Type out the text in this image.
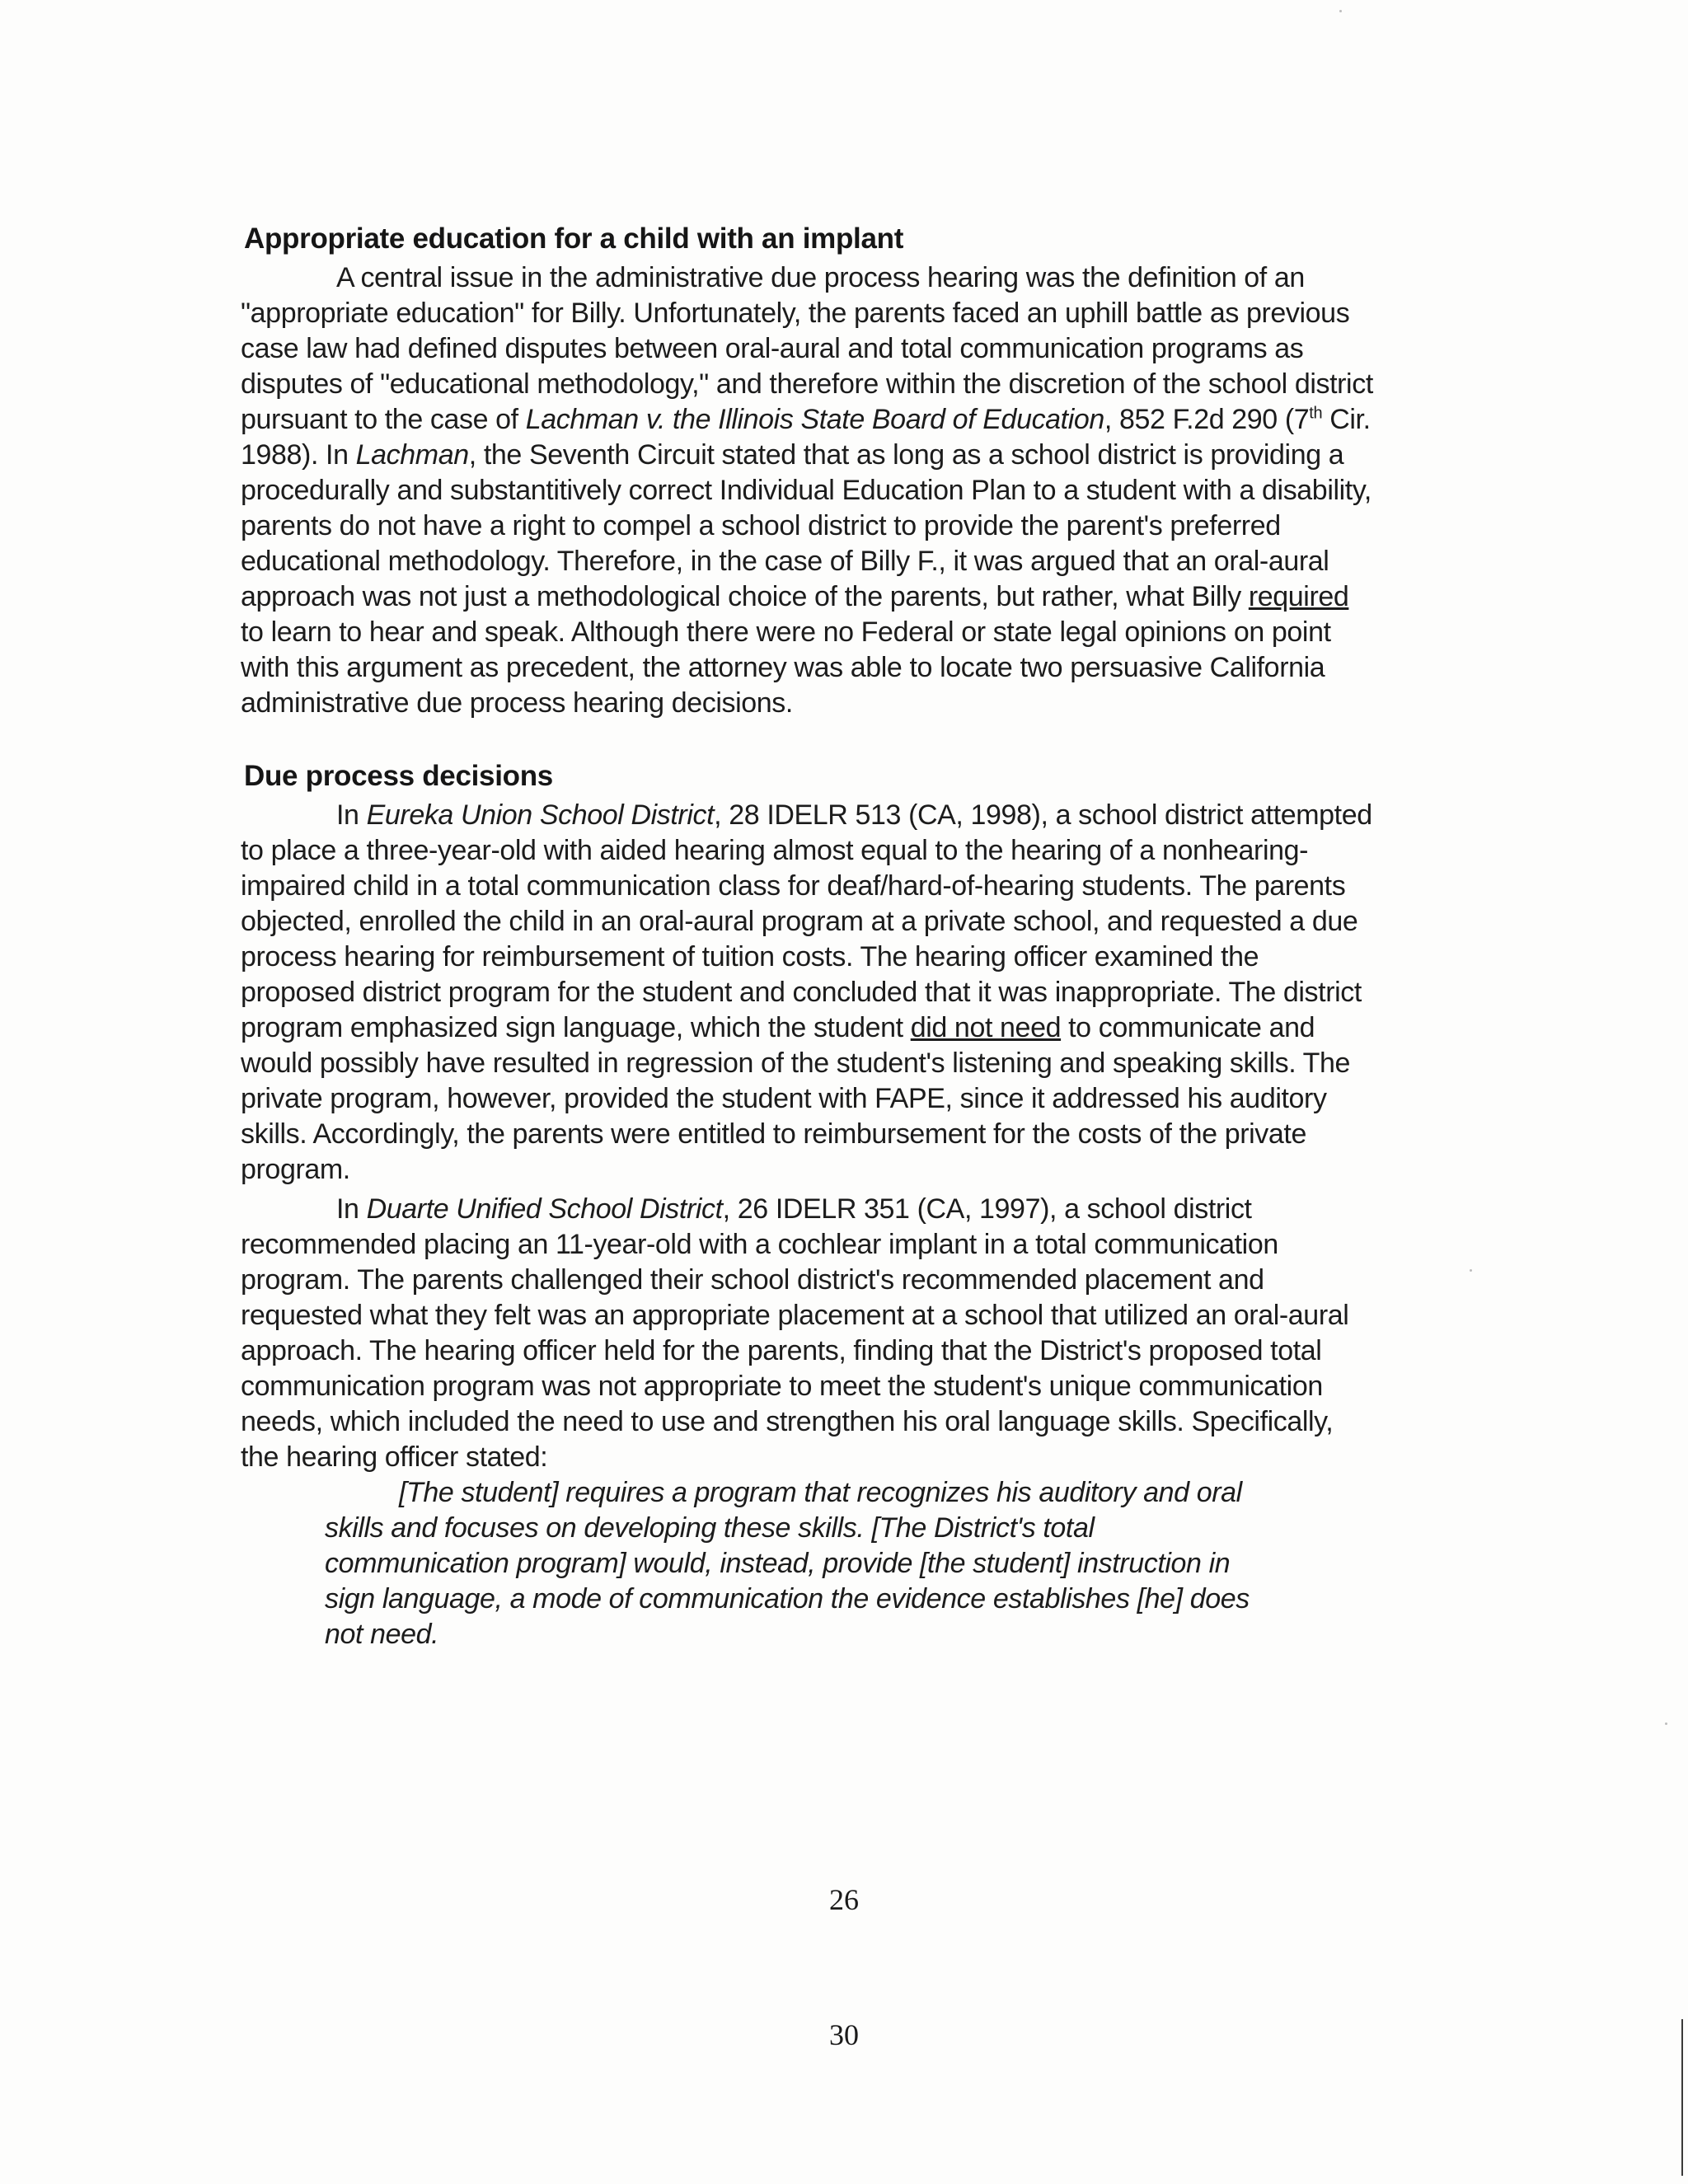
Appropriate education for a child with an implant

A central issue in the administrative due process hearing was the definition of an "appropriate education" for Billy. Unfortunately, the parents faced an uphill battle as previous case law had defined disputes between oral-aural and total communication programs as disputes of "educational methodology," and therefore within the discretion of the school district pursuant to the case of Lachman v. the Illinois State Board of Education, 852 F.2d 290 (7th Cir. 1988). In Lachman, the Seventh Circuit stated that as long as a school district is providing a procedurally and substantitively correct Individual Education Plan to a student with a disability, parents do not have a right to compel a school district to provide the parent's preferred educational methodology. Therefore, in the case of Billy F., it was argued that an oral-aural approach was not just a methodological choice of the parents, but rather, what Billy required to learn to hear and speak. Although there were no Federal or state legal opinions on point with this argument as precedent, the attorney was able to locate two persuasive California administrative due process hearing decisions.

Due process decisions

In Eureka Union School District, 28 IDELR 513 (CA, 1998), a school district attempted to place a three-year-old with aided hearing almost equal to the hearing of a nonhearing-impaired child in a total communication class for deaf/hard-of-hearing students. The parents objected, enrolled the child in an oral-aural program at a private school, and requested a due process hearing for reimbursement of tuition costs. The hearing officer examined the proposed district program for the student and concluded that it was inappropriate. The district program emphasized sign language, which the student did not need to communicate and would possibly have resulted in regression of the student's listening and speaking skills. The private program, however, provided the student with FAPE, since it addressed his auditory skills. Accordingly, the parents were entitled to reimbursement for the costs of the private program.

In Duarte Unified School District, 26 IDELR 351 (CA, 1997), a school district recommended placing an 11-year-old with a cochlear implant in a total communication program. The parents challenged their school district's recommended placement and requested what they felt was an appropriate placement at a school that utilized an oral-aural approach. The hearing officer held for the parents, finding that the District's proposed total communication program was not appropriate to meet the student's unique communication needs, which included the need to use and strengthen his oral language skills. Specifically, the hearing officer stated:

[The student] requires a program that recognizes his auditory and oral skills and focuses on developing these skills. [The District's total communication program] would, instead, provide [the student] instruction in sign language, a mode of communication the evidence establishes [he] does not need.

26
30
